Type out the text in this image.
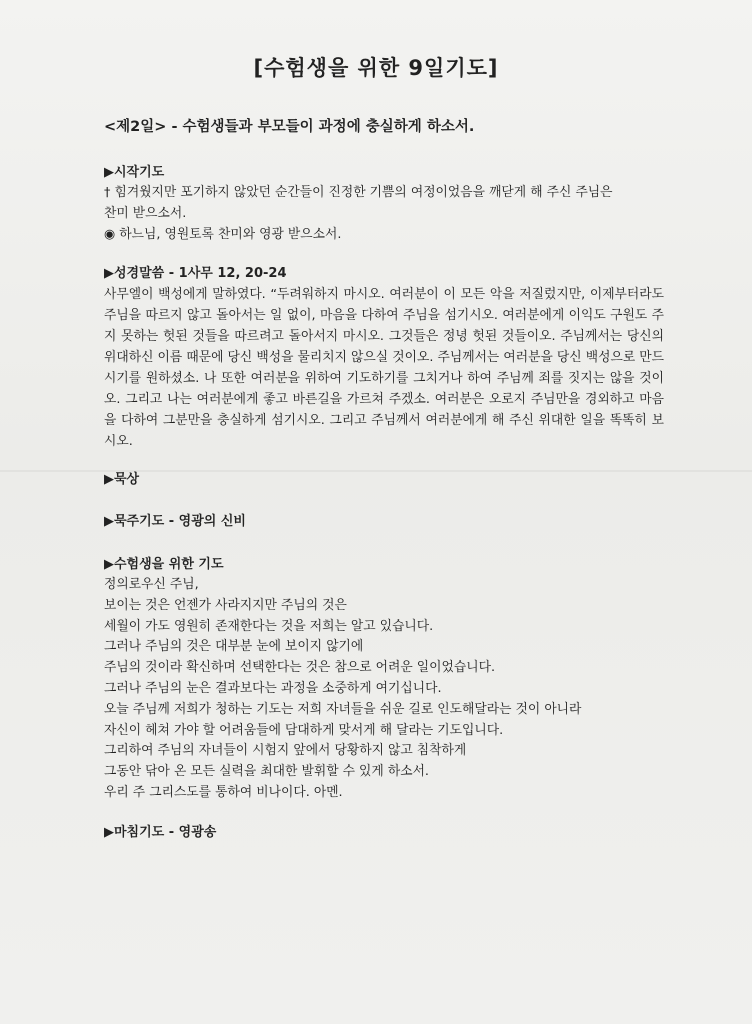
[수험생을 위한 9일기도]
<제2일> - 수험생들과 부모들이 과정에 충실하게 하소서.
▶시작기도
† 힘겨웠지만 포기하지 않았던 순간들이 진정한 기쁨의 여정이었음을 깨닫게 해 주신 주님은
찬미 받으소서.
◉ 하느님, 영원토록 찬미와 영광 받으소서.
▶성경말씀 - 1사무 12, 20-24
사무엘이 백성에게 말하였다. “두려워하지 마시오. 여러분이 이 모든 악을 저질렀지만, 이제부터라도 주님을 따르지 않고 돌아서는 일 없이, 마음을 다하여 주님을 섬기시오. 여러분에게 이익도 구원도 주지 못하는 헛된 것들을 따르려고 돌아서지 마시오. 그것들은 정녕 헛된 것들이오. 주님께서는 당신의 위대하신 이름 때문에 당신 백성을 물리치지 않으실 것이오. 주님께서는 여러분을 당신 백성으로 만드시기를 원하셨소. 나 또한 여러분을 위하여 기도하기를 그치거나 하여 주님께 죄를 짓지는 않을 것이오. 그리고 나는 여러분에게 좋고 바른길을 가르쳐 주겠소. 여러분은 오로지 주님만을 경외하고 마음을 다하여 그분만을 충실하게 섬기시오. 그리고 주님께서 여러분에게 해 주신 위대한 일을 똑똑히 보시오.
▶묵상
▶묵주기도 - 영광의 신비
▶수험생을 위한 기도
정의로우신 주님,
보이는 것은 언젠가 사라지지만 주님의 것은
세월이 가도 영원히 존재한다는 것을 저희는 알고 있습니다.
그러나 주님의 것은 대부분 눈에 보이지 않기에
주님의 것이라 확신하며 선택한다는 것은 참으로 어려운 일이었습니다.
그러나 주님의 눈은 결과보다는 과정을 소중하게 여기십니다.
오늘 주님께 저희가 청하는 기도는 저희 자녀들을 쉬운 길로 인도해달라는 것이 아니라
자신이 헤쳐 가야 할 어려움들에 담대하게 맞서게 해 달라는 기도입니다.
그리하여 주님의 자녀들이 시험지 앞에서 당황하지 않고 침착하게
그동안 닦아 온 모든 실력을 최대한 발휘할 수 있게 하소서.
우리 주 그리스도를 통하여 비나이다. 아멘.
▶마침기도 - 영광송
